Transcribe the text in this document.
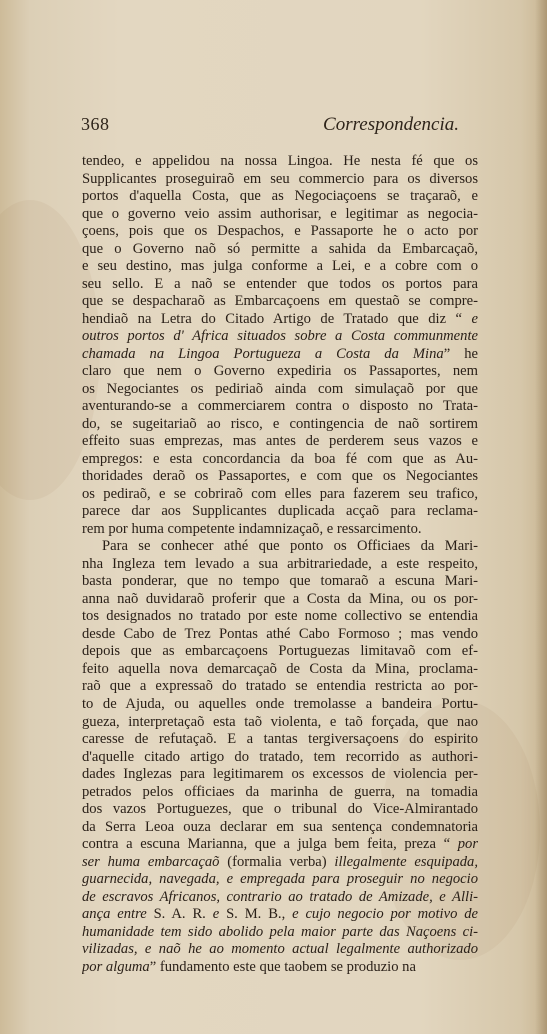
368	Correspondencia.
tendeo, e appelidou na nossa Lingoa. He nesta fé que os
Supplicantes proseguiraõ em seu commercio para os diversos
portos d'aquella Costa, que as Negociaçoens se traçaraõ, e
que o governo veio assim authorisar, e legitimar as negocia-
çoens, pois que os Despachos, e Passaporte he o acto por
que o Governo naõ só permitte a sahida da Embarcaçaõ,
e seu destino, mas julga conforme a Lei, e a cobre com o
seu sello. E a naõ se entender que todos os portos para
que se despacharaõ as Embarcaçoens em questaõ se compre-
hendiaõ na Letra do Citado Artigo de Tratado que diz “ e
outros portos d' Africa situados sobre a Costa communmente
chamada na Lingoa Portugueza a Costa da Mina” he
claro que nem o Governo expediria os Passaportes, nem
os Negociantes os pediriaõ ainda com simulaçaõ por que
aventurando-se a commerciarem contra o disposto no Trata-
do, se sugeitariaõ ao risco, e contingencia de naõ sortirem
effeito suas emprezas, mas antes de perderem seus vazos e
empregos: e esta concordancia da boa fé com que as Au-
thoridades deraõ os Passaportes, e com que os Negociantes
os pediraõ, e se cobriraõ com elles para fazerem seu trafico,
parece dar aos Supplicantes duplicada acçaõ para reclama-
rem por huma competente indamnizaçaõ, e ressarcimento.
Para se conhecer athé que ponto os Officiaes da Mari-
nha Ingleza tem levado a sua arbitrariedade, a este respeito,
basta ponderar, que no tempo que tomaraõ a escuna Mari-
anna naõ duvidaraõ proferir que a Costa da Mina, ou os por-
tos designados no tratado por este nome collectivo se entendia
desde Cabo de Trez Pontas athé Cabo Formoso ; mas vendo
depois que as embarcaçoens Portuguezas limitavaõ com ef-
feito aquella nova demarcaçaõ de Costa da Mina, proclama-
raõ que a expressaõ do tratado se entendia restricta ao por-
to de Ajuda, ou aquelles onde tremolasse a bandeira Portu-
gueza, interpretaçaõ esta taõ violenta, e taõ forçada, que nao
caresse de refutaçaõ. E a tantas tergiversaçoens do espirito
d'aquelle citado artigo do tratado, tem recorrido as authori-
dades Inglezas para legitimarem os excessos de violencia per-
petrados pelos officiaes da marinha de guerra, na tomadia
dos vazos Portuguezes, que o tribunal do Vice-Almirantado
da Serra Leoa ouza declarar em sua sentença condemnatoria
contra a escuna Marianna, que a julga bem feita, preza “ por
ser huma embarcaçaõ (formalia verba) illegalmente esquipada,
guarnecida, navegada, e empregada para proseguir no negocio
de escravos Africanos, contrario ao tratado de Amizade, e Alli-
ança entre S. A. R. e S. M. B., e cujo negocio por motivo de
humanidade tem sido abolido pela maior parte das Naçoens ci-
vilizadas, e naõ he ao momento actual legalmente authorizado
por alguma” fundamento este que taobem se produzio na
